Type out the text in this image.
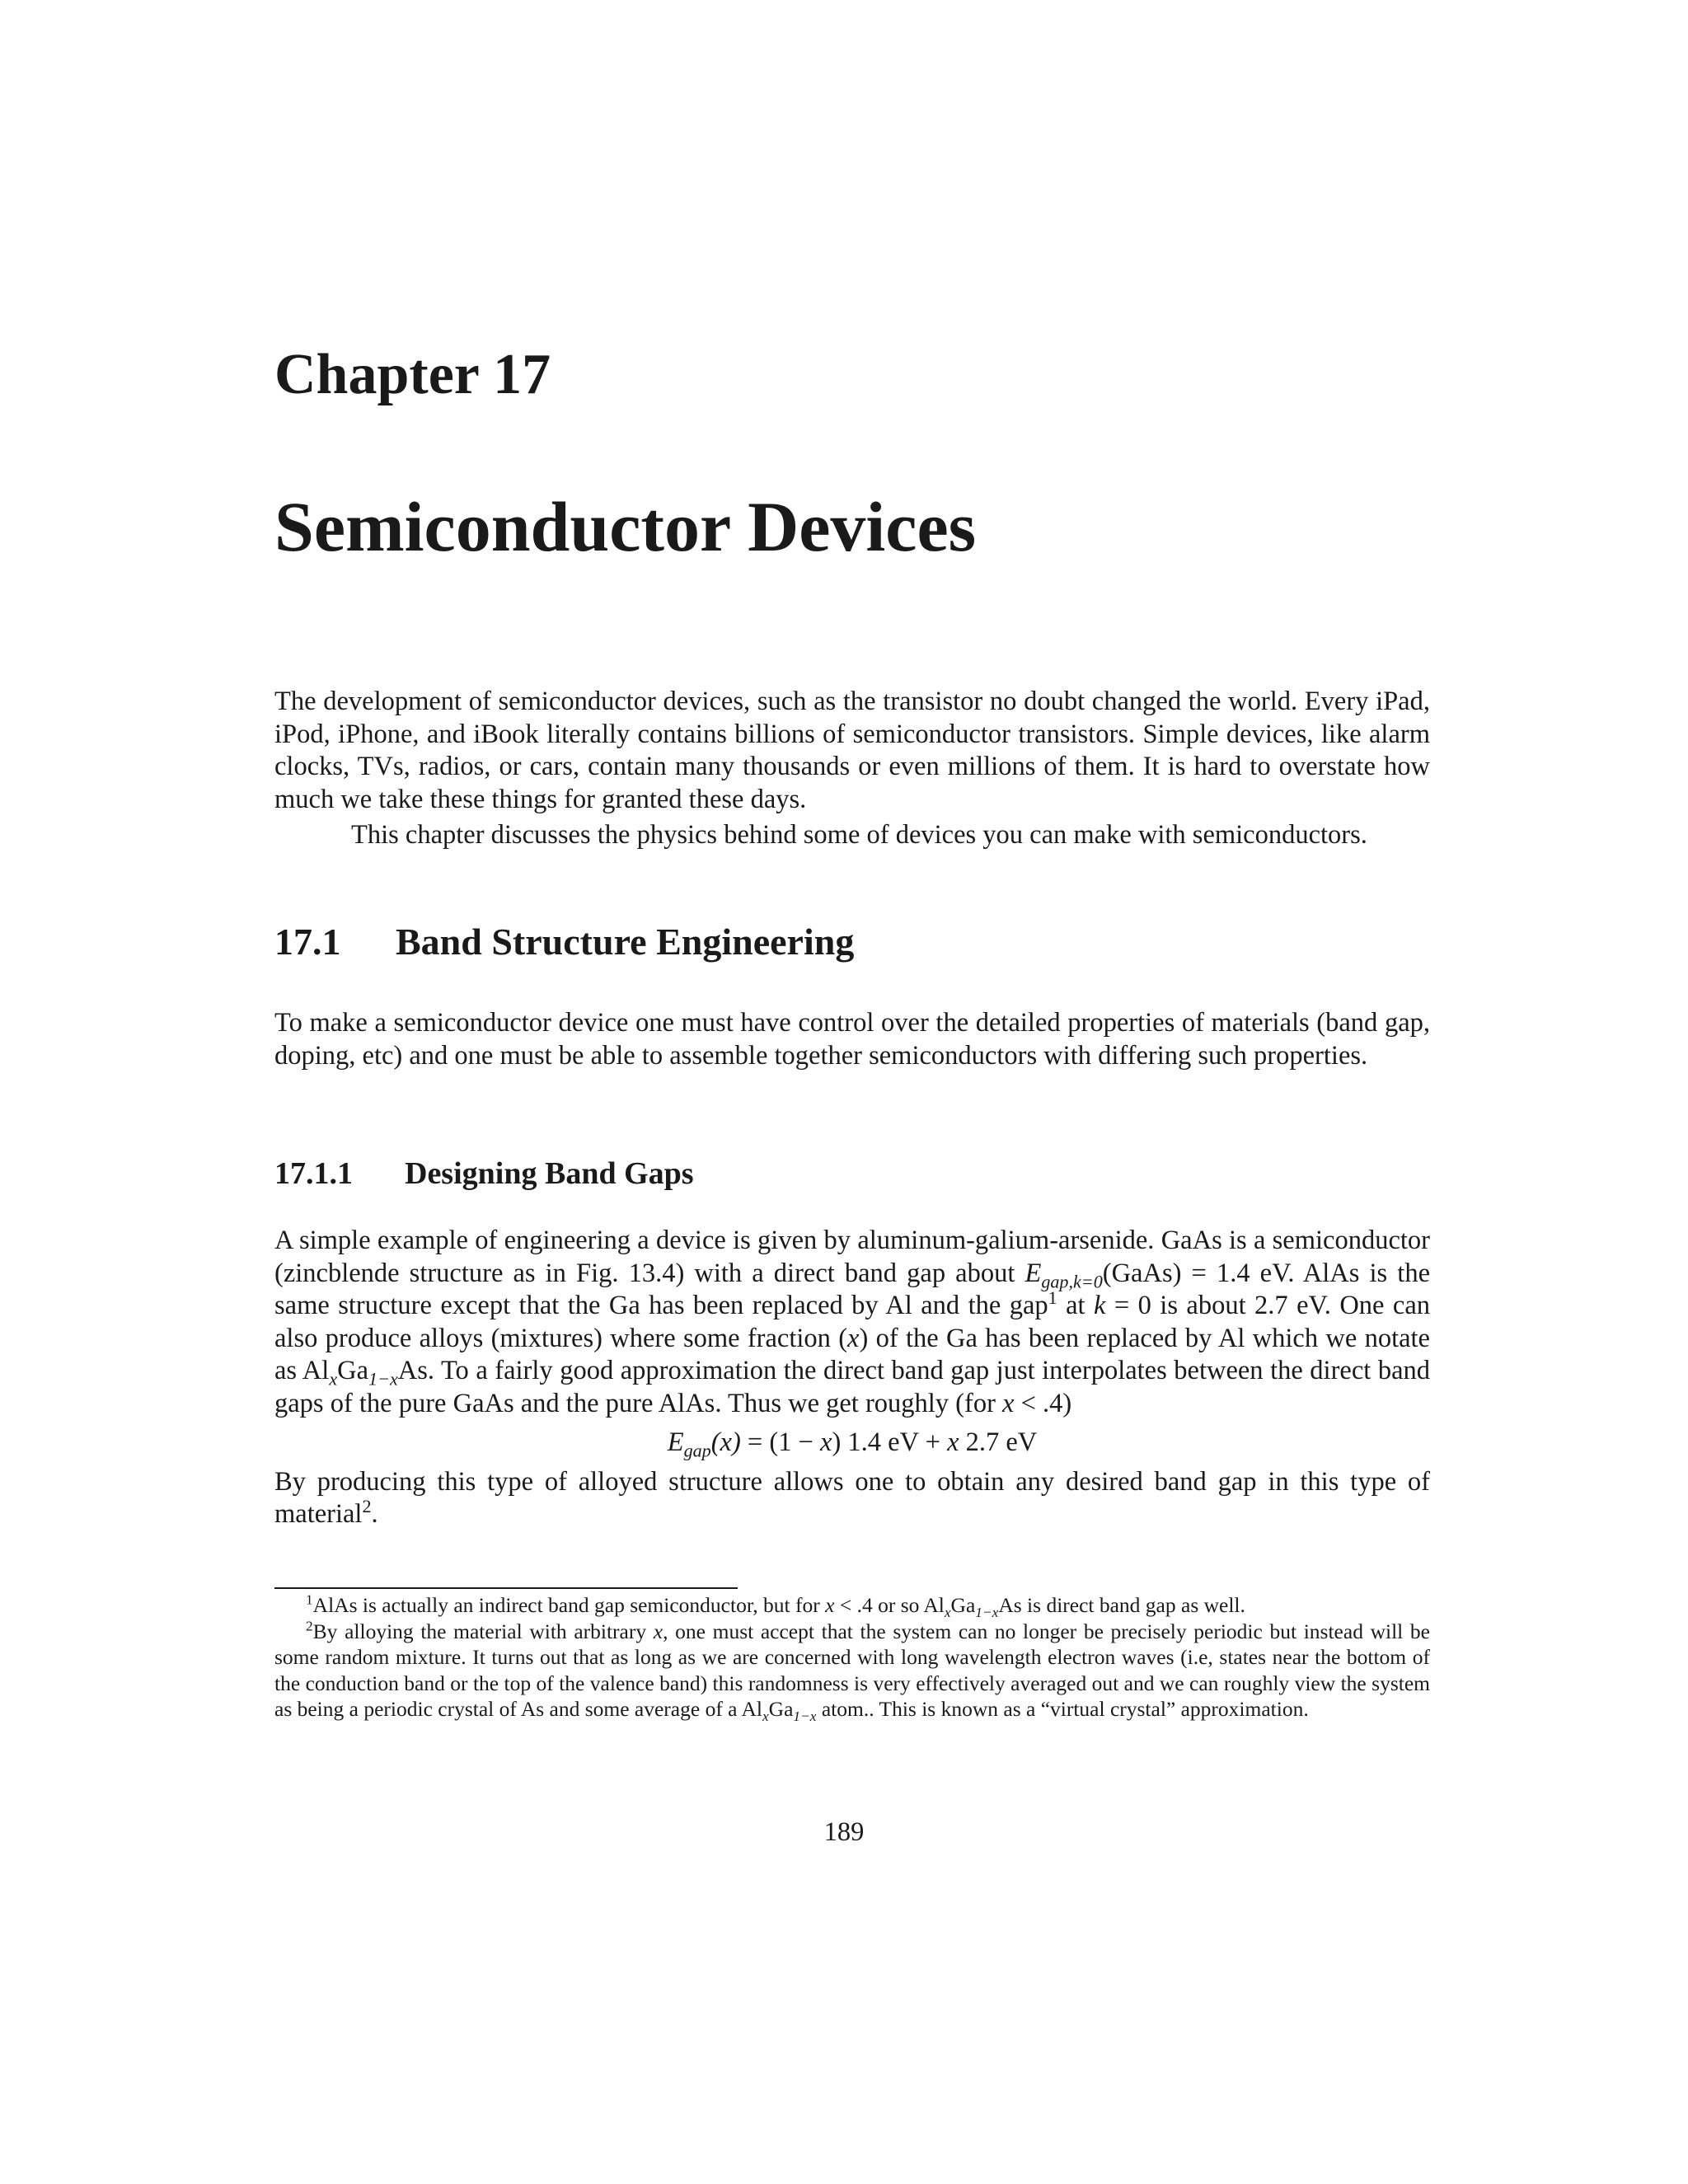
Chapter 17
Semiconductor Devices

The development of semiconductor devices, such as the transistor no doubt changed the world. Every iPad, iPod, iPhone, and iBook literally contains billions of semiconductor transistors. Simple devices, like alarm clocks, TVs, radios, or cars, contain many thousands or even millions of them. It is hard to overstate how much we take these things for granted these days.

This chapter discusses the physics behind some of devices you can make with semiconductors.

17.1 Band Structure Engineering

To make a semiconductor device one must have control over the detailed properties of materials (band gap, doping, etc) and one must be able to assemble together semiconductors with differing such properties.

17.1.1 Designing Band Gaps

A simple example of engineering a device is given by aluminum-galium-arsenide. GaAs is a semiconductor (zincblende structure as in Fig. 13.4) with a direct band gap about $E_{gap,k=0}(GaAs) = 1.4$ eV. AlAs is the same structure except that the Ga has been replaced by Al and the gap$^1$ at k = 0 is about 2.7 eV. One can also produce alloys (mixtures) where some fraction (x) of the Ga has been replaced by Al which we notate as $Al_xGa_{1-x}As$. To a fairly good approximation the direct band gap just interpolates between the direct band gaps of the pure GaAs and the pure AlAs. Thus we get roughly (for x < .4)

$E_{gap}(x) = (1 - x)$ 1.4 eV + x 2.7 eV

By producing this type of alloyed structure allows one to obtain any desired band gap in this type of material$^2$.

$^1$AlAs is actually an indirect band gap semiconductor, but for x < .4 or so $Al_xGa_{1-x}As$ is direct band gap as well.

$^2$By alloying the material with arbitrary x, one must accept that the system can no longer be precisely periodic but instead will be some random mixture. It turns out that as long as we are concerned with long wavelength electron waves (i.e, states near the bottom of the conduction band or the top of the valence band) this randomness is very effectively averaged out and we can roughly view the system as being a periodic crystal of As and some average of a $Al_xGa_{1-x}$ atom.. This is known as a “virtual crystal” approximation.

189
